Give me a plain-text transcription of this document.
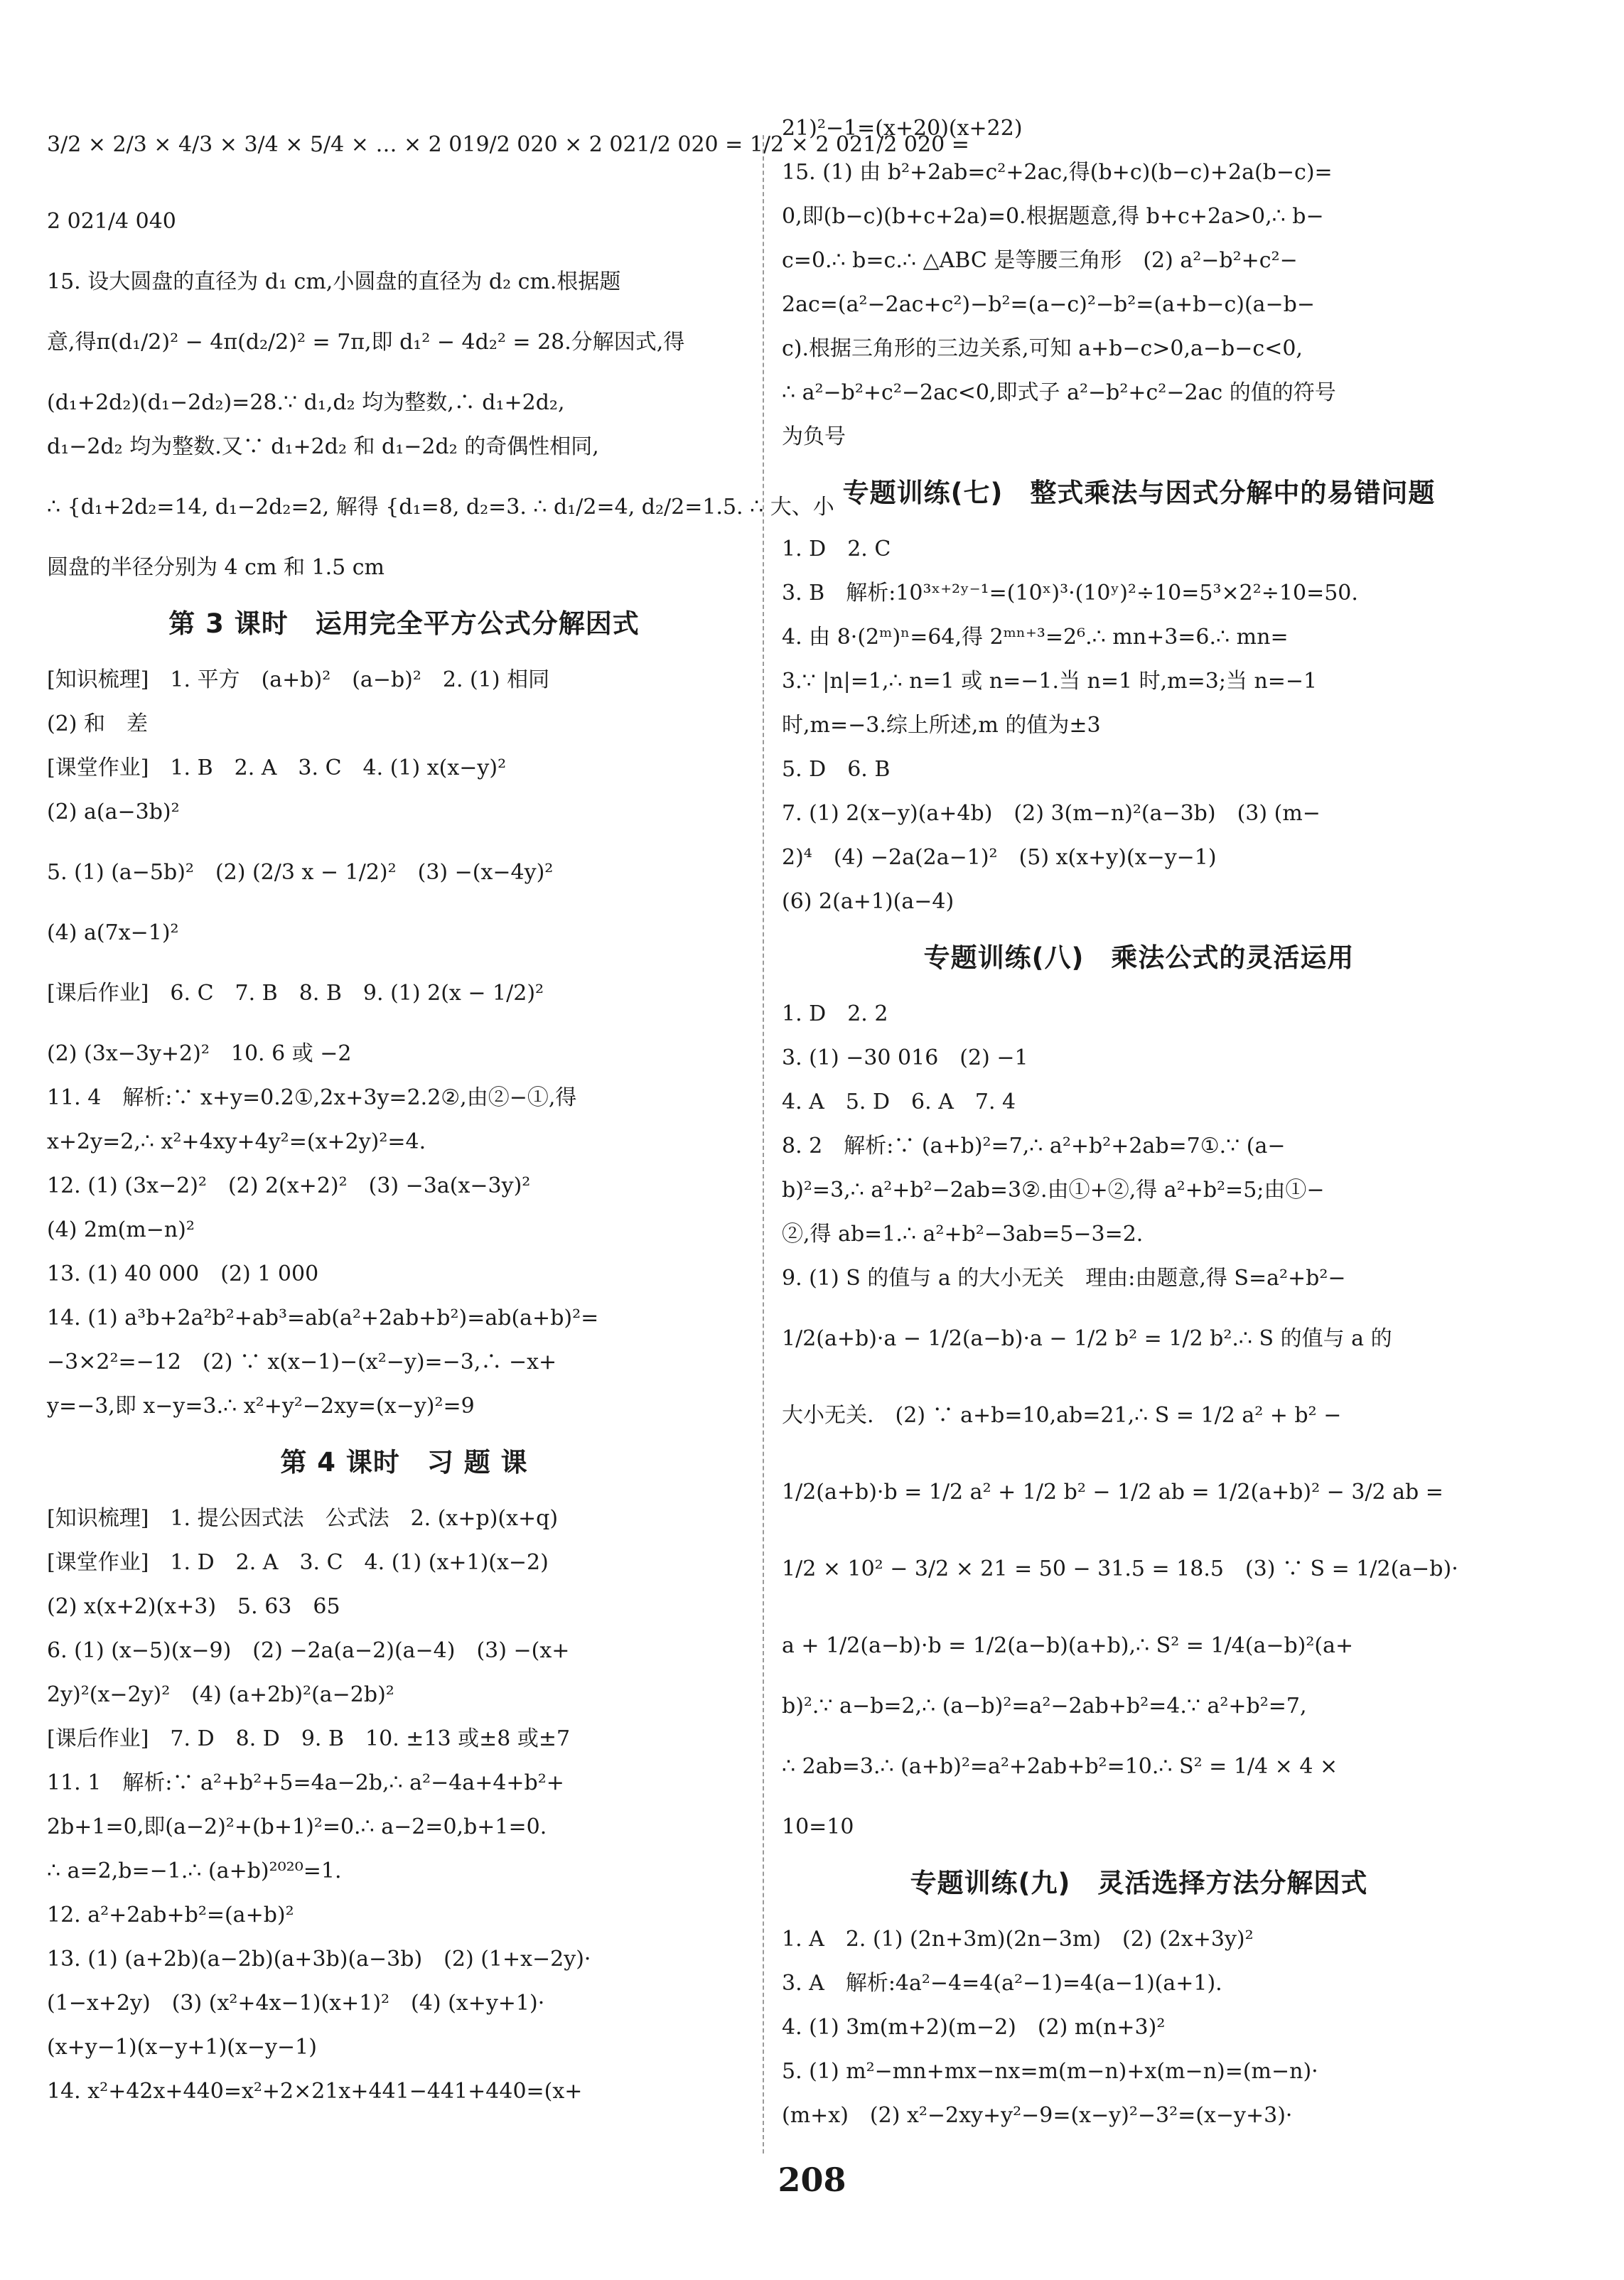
3/2 × 2/3 × 4/3 × 3/4 × 5/4 × … × 2 019/2 020 × 2 021/2 020 = 1/2 × 2 021/2 020 =
2 021/4 040
15. 设大圆盘的直径为 d₁ cm,小圆盘的直径为 d₂ cm.根据题
意,得π(d₁/2)² − 4π(d₂/2)² = 7π,即 d₁² − 4d₂² = 28.分解因式,得
(d₁+2d₂)(d₁−2d₂)=28.∵ d₁,d₂ 均为整数,∴ d₁+2d₂,
d₁−2d₂ 均为整数.又∵ d₁+2d₂ 和 d₁−2d₂ 的奇偶性相同,
∴ {d₁+2d₂=14, d₁−2d₂=2, 解得 {d₁=8, d₂=3. ∴ d₁/2=4, d₂/2=1.5. ∴ 大、小
圆盘的半径分别为 4 cm 和 1.5 cm
第 3 课时　运用完全平方公式分解因式
[知识梳理]　1. 平方　(a+b)²　(a−b)²　2. (1) 相同
(2) 和　差
[课堂作业]　1. B　2. A　3. C　4. (1) x(x−y)²
(2) a(a−3b)²
5. (1) (a−5b)²　(2) (2/3 x − 1/2)²　(3) −(x−4y)²
(4) a(7x−1)²
[课后作业]　6. C　7. B　8. B　9. (1) 2(x − 1/2)²
(2) (3x−3y+2)²　10. 6 或 −2
11. 4　解析:∵ x+y=0.2①,2x+3y=2.2②,由②−①,得
x+2y=2,∴ x²+4xy+4y²=(x+2y)²=4.
12. (1) (3x−2)²　(2) 2(x+2)²　(3) −3a(x−3y)²
(4) 2m(m−n)²
13. (1) 40 000　(2) 1 000
14. (1) a³b+2a²b²+ab³=ab(a²+2ab+b²)=ab(a+b)²=
−3×2²=−12　(2) ∵ x(x−1)−(x²−y)=−3,∴ −x+
y=−3,即 x−y=3.∴ x²+y²−2xy=(x−y)²=9
第 4 课时　习 题 课
[知识梳理]　1. 提公因式法　公式法　2. (x+p)(x+q)
[课堂作业]　1. D　2. A　3. C　4. (1) (x+1)(x−2)
(2) x(x+2)(x+3)　5. 63　65
6. (1) (x−5)(x−9)　(2) −2a(a−2)(a−4)　(3) −(x+
2y)²(x−2y)²　(4) (a+2b)²(a−2b)²
[课后作业]　7. D　8. D　9. B　10. ±13 或±8 或±7
11. 1　解析:∵ a²+b²+5=4a−2b,∴ a²−4a+4+b²+
2b+1=0,即(a−2)²+(b+1)²=0.∴ a−2=0,b+1=0.
∴ a=2,b=−1.∴ (a+b)²⁰²⁰=1.
12. a²+2ab+b²=(a+b)²
13. (1) (a+2b)(a−2b)(a+3b)(a−3b)　(2) (1+x−2y)·
(1−x+2y)　(3) (x²+4x−1)(x+1)²　(4) (x+y+1)·
(x+y−1)(x−y+1)(x−y−1)
14. x²+42x+440=x²+2×21x+441−441+440=(x+
21)²−1=(x+20)(x+22)
15. (1) 由 b²+2ab=c²+2ac,得(b+c)(b−c)+2a(b−c)=
0,即(b−c)(b+c+2a)=0.根据题意,得 b+c+2a>0,∴ b−
c=0.∴ b=c.∴ △ABC 是等腰三角形　(2) a²−b²+c²−
2ac=(a²−2ac+c²)−b²=(a−c)²−b²=(a+b−c)(a−b−
c).根据三角形的三边关系,可知 a+b−c>0,a−b−c<0,
∴ a²−b²+c²−2ac<0,即式子 a²−b²+c²−2ac 的值的符号
为负号
专题训练(七)　整式乘法与因式分解中的易错问题
1. D　2. C
3. B　解析:10³ˣ⁺²ʸ⁻¹=(10ˣ)³·(10ʸ)²÷10=5³×2²÷10=50.
4. 由 8·(2ᵐ)ⁿ=64,得 2ᵐⁿ⁺³=2⁶.∴ mn+3=6.∴ mn=
3.∵ |n|=1,∴ n=1 或 n=−1.当 n=1 时,m=3;当 n=−1
时,m=−3.综上所述,m 的值为±3
5. D　6. B
7. (1) 2(x−y)(a+4b)　(2) 3(m−n)²(a−3b)　(3) (m−
2)⁴　(4) −2a(2a−1)²　(5) x(x+y)(x−y−1)
(6) 2(a+1)(a−4)
专题训练(八)　乘法公式的灵活运用
1. D　2. 2
3. (1) −30 016　(2) −1
4. A　5. D　6. A　7. 4
8. 2　解析:∵ (a+b)²=7,∴ a²+b²+2ab=7①.∵ (a−
b)²=3,∴ a²+b²−2ab=3②.由①+②,得 a²+b²=5;由①−
②,得 ab=1.∴ a²+b²−3ab=5−3=2.
9. (1) S 的值与 a 的大小无关　理由:由题意,得 S=a²+b²−
1/2(a+b)·a − 1/2(a−b)·a − 1/2 b² = 1/2 b².∴ S 的值与 a 的
大小无关.　(2) ∵ a+b=10,ab=21,∴ S = 1/2 a² + b² −
1/2(a+b)·b = 1/2 a² + 1/2 b² − 1/2 ab = 1/2(a+b)² − 3/2 ab =
1/2 × 10² − 3/2 × 21 = 50 − 31.5 = 18.5　(3) ∵ S = 1/2(a−b)·
a + 1/2(a−b)·b = 1/2(a−b)(a+b),∴ S² = 1/4(a−b)²(a+
b)².∵ a−b=2,∴ (a−b)²=a²−2ab+b²=4.∵ a²+b²=7,
∴ 2ab=3.∴ (a+b)²=a²+2ab+b²=10.∴ S² = 1/4 × 4 ×
10=10
专题训练(九)　灵活选择方法分解因式
1. A　2. (1) (2n+3m)(2n−3m)　(2) (2x+3y)²
3. A　解析:4a²−4=4(a²−1)=4(a−1)(a+1).
4. (1) 3m(m+2)(m−2)　(2) m(n+3)²
5. (1) m²−mn+mx−nx=m(m−n)+x(m−n)=(m−n)·
(m+x)　(2) x²−2xy+y²−9=(x−y)²−3²=(x−y+3)·
208
